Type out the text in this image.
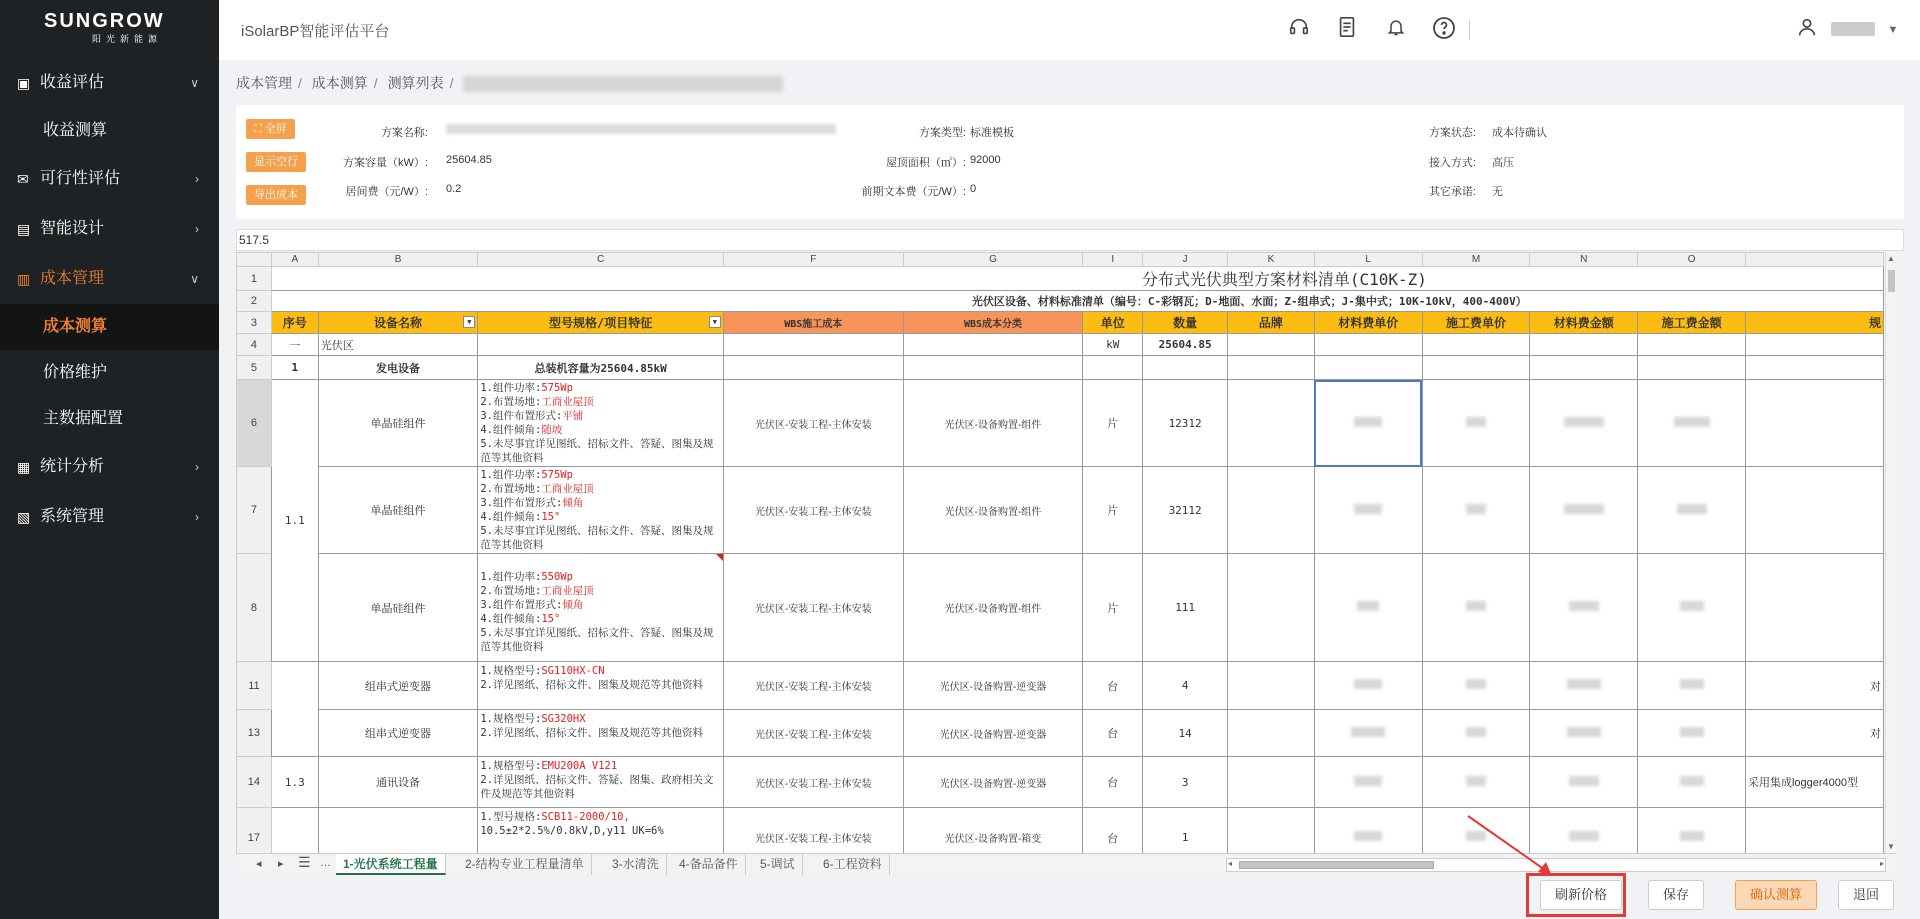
SUNGROW
阳光新能源
▣ 收益评估	∨
收益测算
✉ 可行性评估	›
▤ 智能设计	›
▥ 成本管理	∨
成本测算
价格维护
主数据配置
▦ 统计分析	›
▧ 系统管理	›
iSolarBP智能评估平台	▼
成本管理 / 成本测算 / 测算列表 /
⛶ 全屏
显示空行
导出成本
方案名称:	方案类型: 标准模板	方案状态: 成本待确认
方案容量（kW）: 25604.85	屋顶面积（㎡）: 92000	接入方式: 高压
居间费（元/W）: 0.2	前期文本费（元/W）: 0	其它承诺: 无
517.5
	A	B	C	F	G	I	J	K	L	M	N	O	
1	分布式光伏典型方案材料清单(C10K-Z)												
2	光伏区设备、材料标准清单（编号：C-彩钢瓦；D-地面、水面；Z-组串式；J-集中式；10K-10kV，400-400V）												
3	序号	设备名称 ▼	型号规格/项目特征 ▼	WBS施工成本	WBS成本分类	单位	数量	品牌	材料费单价	施工费单价	材料费金额	施工费金额	规
4	一	光伏区				kW	25604.85						
5	1	发电设备	总装机容量为25604.85kW										
6	1.1	单晶硅组件	1.组件功率:575Wp
2.布置场地:工商业屋顶
3.组件布置形式:平铺
4.组件倾角:随坡
5.未尽事宜详见图纸、招标文件、答疑、图集及规范等其他资料	光伏区-安装工程-主体安装	光伏区-设备购置-组件	片	12312						
7		单晶硅组件	1.组件功率:575Wp
2.布置场地:工商业屋顶
3.组件布置形式:倾角
4.组件倾角:15°
5.未尽事宜详见图纸、招标文件、答疑、图集及规范等其他资料	光伏区-安装工程-主体安装	光伏区-设备购置-组件	片	32112						
8		单晶硅组件	1.组件功率:550Wp
2.布置场地:工商业屋顶
3.组件布置形式:倾角
4.组件倾角:15°
5.未尽事宜详见图纸、招标文件、答疑、图集及规范等其他资料	光伏区-安装工程-主体安装	光伏区-设备购置-组件	片	111						
11		组串式逆变器	1.规格型号:SG110HX-CN
2.详见图纸、招标文件、图集及规范等其他资料	光伏区-安装工程-主体安装	光伏区-设备购置-逆变器	台	4						对
13		组串式逆变器	1.规格型号:SG320HX
2.详见图纸、招标文件、图集及规范等其他资料	光伏区-安装工程-主体安装	光伏区-设备购置-逆变器	台	14						对
14	1.3	通讯设备	1.规格型号:EMU200A V121
2.详见图纸、招标文件、答疑、图集、政府相关文件及规范等其他资料	光伏区-安装工程-主体安装	光伏区-设备购置-逆变器	台	3						采用集成logger4000型
17			1.型号规格:SCB11-2000/10,
10.5±2*2.5%/0.8kV,D,y11 UK=6%	光伏区-安装工程-主体安装	光伏区-设备购置-箱变	台	1						
▲
▼
◂ ▸ ☰ …	1-光伏系统工程量	2-结构专业工程量清单	3-水清洗	4-备品备件	5-调试	6-工程资料	◂	▸
刷新价格	保存	确认测算	退回
